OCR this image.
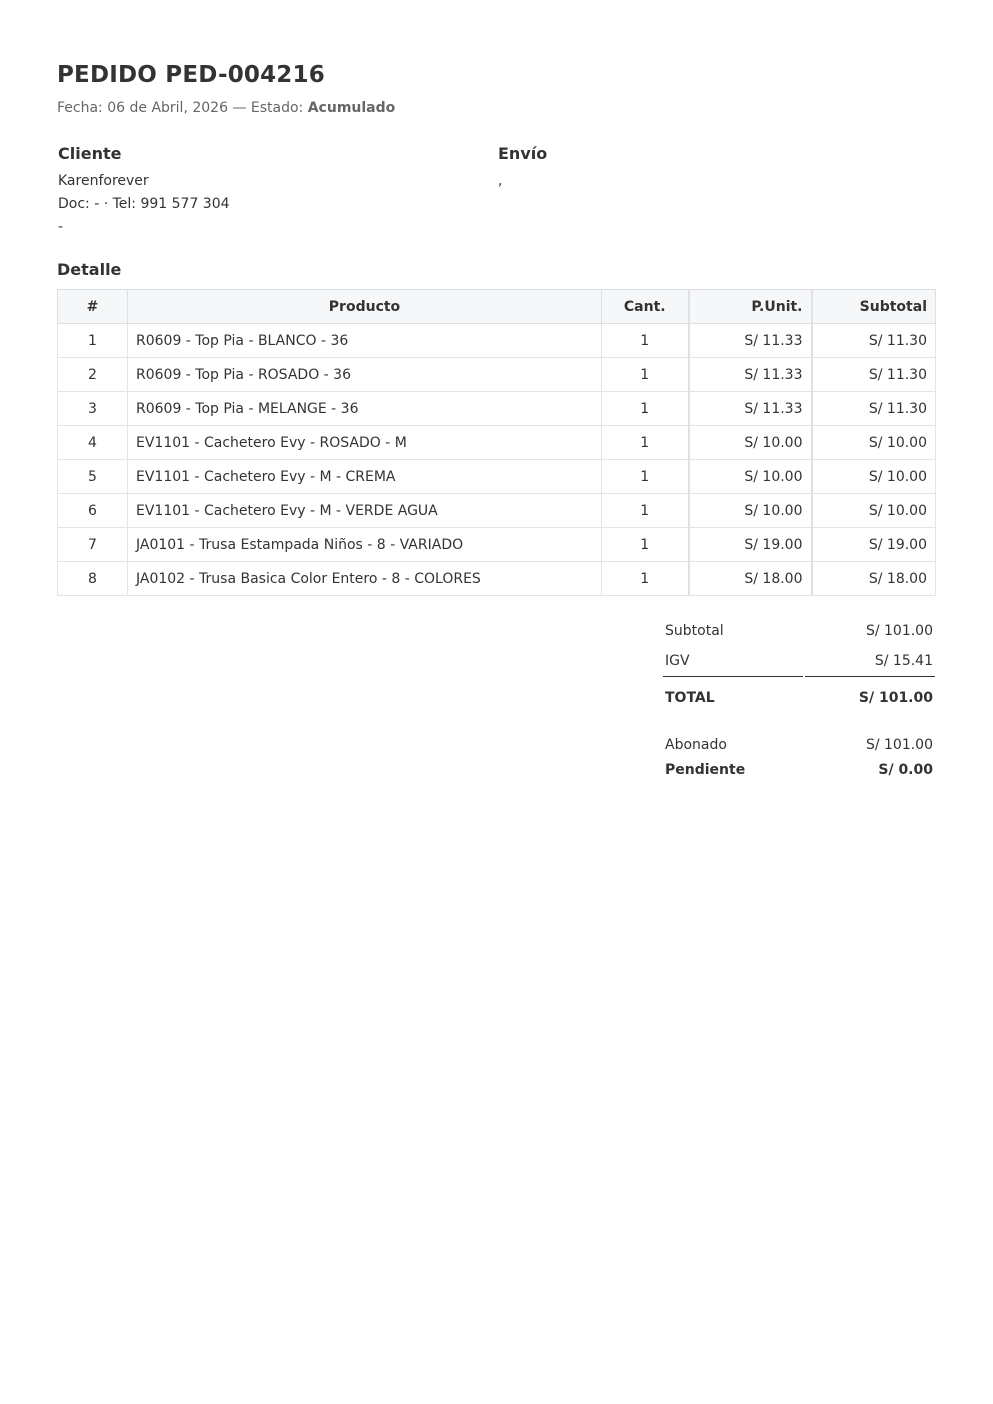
PEDIDO PED-004216
Fecha: 06 de Abril, 2026 — Estado: Acumulado
Cliente
Karenforever
Doc: - · Tel: 991 577 304
-
Envío
,
Detalle
#	Producto	Cant.	P.Unit.	Subtotal
1	R0609 - Top Pia - BLANCO - 36	1	S/ 11.33	S/ 11.30
2	R0609 - Top Pia - ROSADO - 36	1	S/ 11.33	S/ 11.30
3	R0609 - Top Pia - MELANGE - 36	1	S/ 11.33	S/ 11.30
4	EV1101 - Cachetero Evy - ROSADO - M	1	S/ 10.00	S/ 10.00
5	EV1101 - Cachetero Evy - M - CREMA	1	S/ 10.00	S/ 10.00
6	EV1101 - Cachetero Evy - M - VERDE AGUA	1	S/ 10.00	S/ 10.00
7	JA0101 - Trusa Estampada Niños - 8 - VARIADO	1	S/ 19.00	S/ 19.00
8	JA0102 - Trusa Basica Color Entero - 8 - COLORES	1	S/ 18.00	S/ 18.00
Subtotal	S/ 101.00
IGV	S/ 15.41
TOTAL	S/ 101.00
Abonado	S/ 101.00
Pendiente	S/ 0.00
